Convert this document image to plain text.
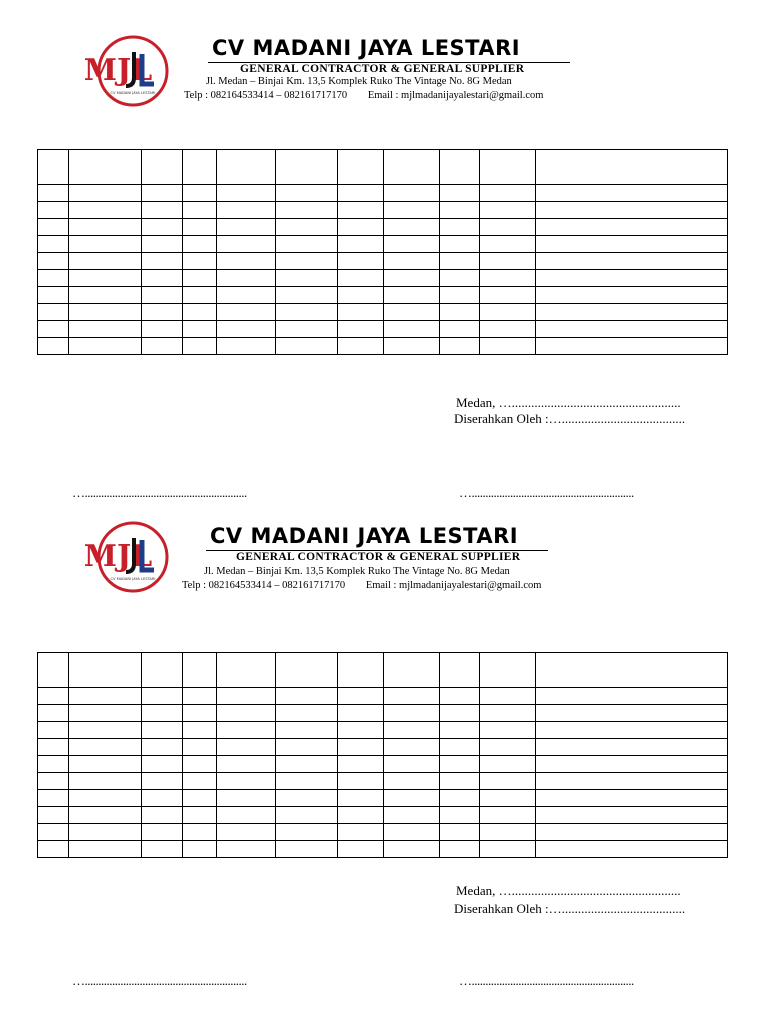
MJL
CV MADANI JAYA LESTARI
CV MADANI JAYA LESTARI
GENERAL CONTRACTOR & GENERAL SUPPLIER
Jl. Medan – Binjai Km. 13,5 Komplek Ruko The Vintage No. 8G Medan
Telp : 082164533414 – 082161717170 Email : mjlmadanijayalestari@gmail.com

Medan, …....................................................
Diserahkan Oleh :…......................................
…...........................................................	…...........................................................
MJL
CV MADANI JAYA LESTARI
CV MADANI JAYA LESTARI
GENERAL CONTRACTOR & GENERAL SUPPLIER
Jl. Medan – Binjai Km. 13,5 Komplek Ruko The Vintage No. 8G Medan
Telp : 082164533414 – 082161717170 Email : mjlmadanijayalestari@gmail.com

Medan, …....................................................
Diserahkan Oleh :…......................................
…...........................................................	…...........................................................
